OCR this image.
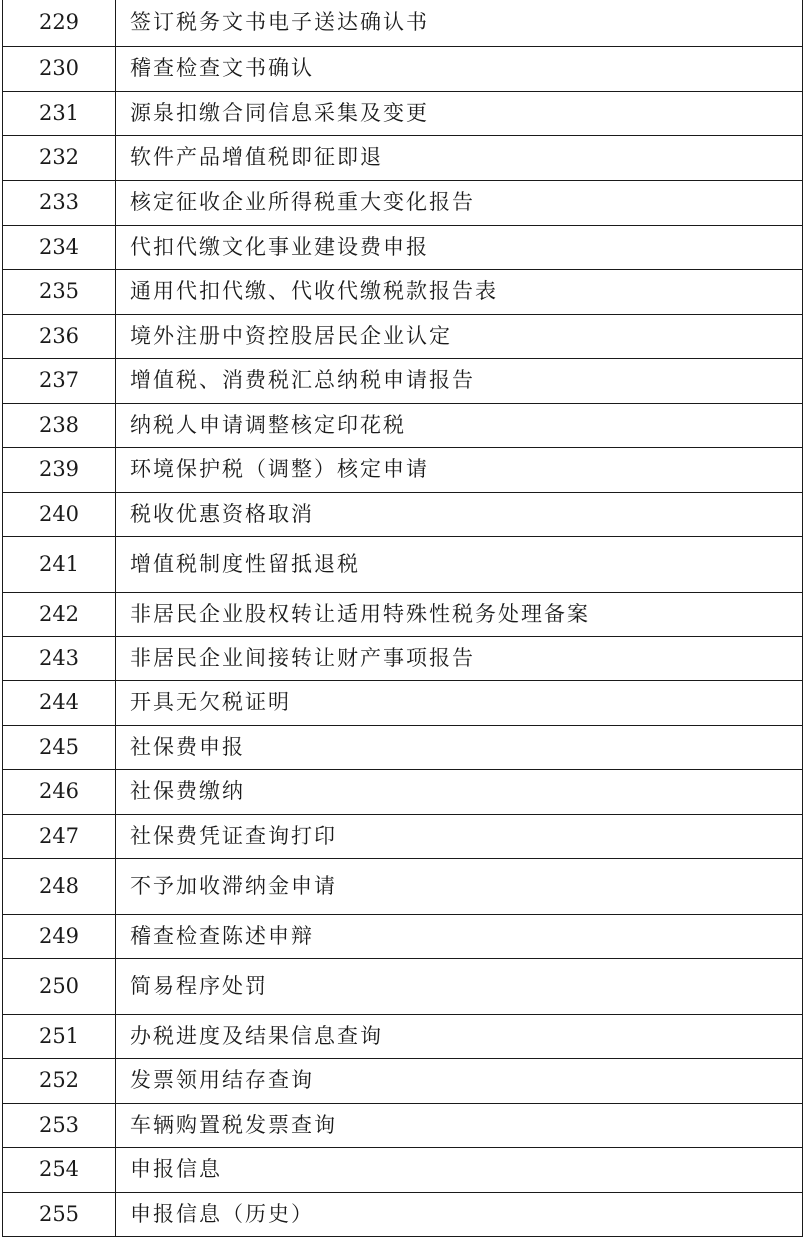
229	签订税务文书电子送达确认书
230	稽查检查文书确认
231	源泉扣缴合同信息采集及变更
232	软件产品增值税即征即退
233	核定征收企业所得税重大变化报告
234	代扣代缴文化事业建设费申报
235	通用代扣代缴、代收代缴税款报告表
236	境外注册中资控股居民企业认定
237	增值税、消费税汇总纳税申请报告
238	纳税人申请调整核定印花税
239	环境保护税（调整）核定申请
240	税收优惠资格取消
241	增值税制度性留抵退税
242	非居民企业股权转让适用特殊性税务处理备案
243	非居民企业间接转让财产事项报告
244	开具无欠税证明
245	社保费申报
246	社保费缴纳
247	社保费凭证查询打印
248	不予加收滞纳金申请
249	稽查检查陈述申辩
250	简易程序处罚
251	办税进度及结果信息查询
252	发票领用结存查询
253	车辆购置税发票查询
254	申报信息
255	申报信息（历史）
